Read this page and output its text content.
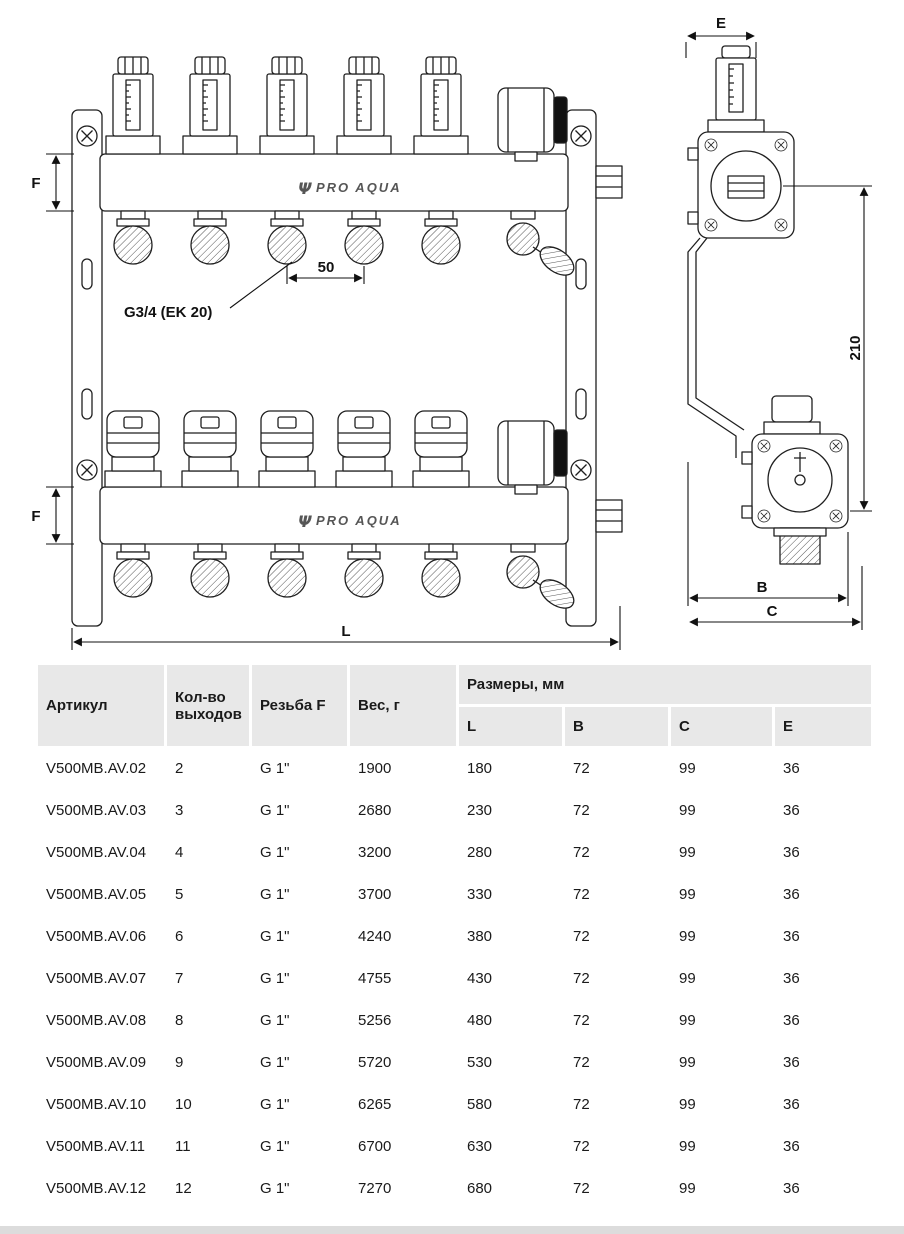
Ψ PRO AQUA
Ψ PRO AQUA
G3/4 (EK 20)
50
L
F
F
E
210
B
C
Артикул	Кол-во выходов	Резьба F	Вес, г	Размеры, мм			
				L	B	C	E
V500MB.AV.02	2	G 1"	1900	180	72	99	36
V500MB.AV.03	3	G 1"	2680	230	72	99	36
V500MB.AV.04	4	G 1"	3200	280	72	99	36
V500MB.AV.05	5	G 1"	3700	330	72	99	36
V500MB.AV.06	6	G 1"	4240	380	72	99	36
V500MB.AV.07	7	G 1"	4755	430	72	99	36
V500MB.AV.08	8	G 1"	5256	480	72	99	36
V500MB.AV.09	9	G 1"	5720	530	72	99	36
V500MB.AV.10	10	G 1"	6265	580	72	99	36
V500MB.AV.11	11	G 1"	6700	630	72	99	36
V500MB.AV.12	12	G 1"	7270	680	72	99	36
